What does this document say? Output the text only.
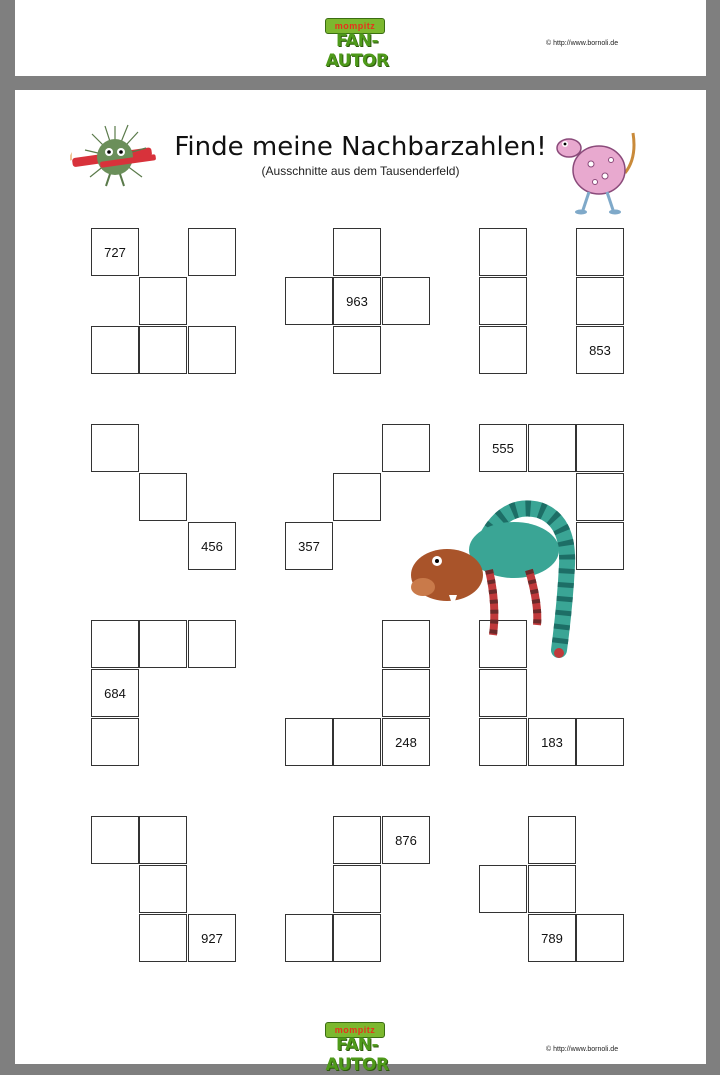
mompitz
FAN-AUTOR
© http://www.bornoli.de
Finde meine Nachbarzahlen!
(Ausschnitte aus dem Tausenderfeld)
727
963
853
456	357
555
684
248	183
927
876
789
mompitz
FAN-AUTOR
© http://www.bornoli.de
